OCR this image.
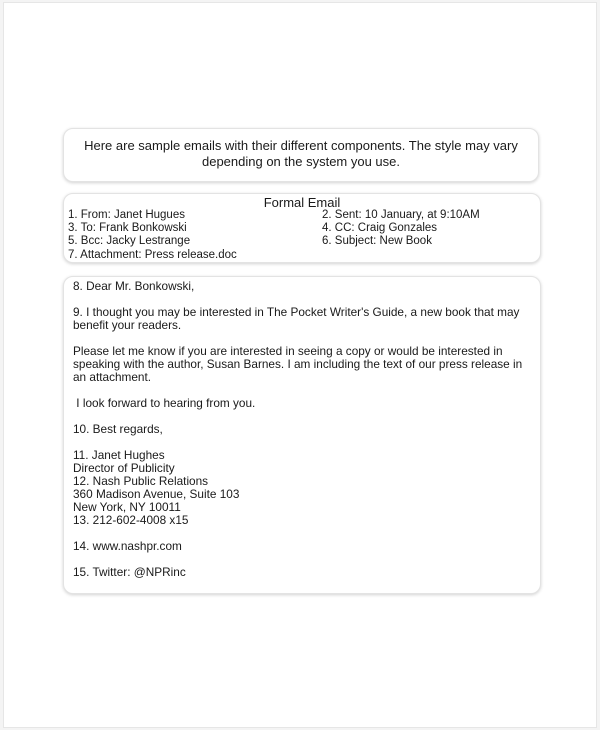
Here are sample emails with their different components. The style may vary depending on the system you use.
Formal Email
1. From: Janet Hugues	2. Sent: 10 January, at 9:10AM
3. To: Frank Bonkowski	4. CC: Craig Gonzales
5. Bcc: Jacky Lestrange	6. Subject: New Book
7. Attachment: Press release.doc
8. Dear Mr. Bonkowski,
9. I thought you may be interested in The Pocket Writer's Guide, a new book that may benefit your readers.
Please let me know if you are interested in seeing a copy or would be interested in speaking with the author, Susan Barnes. I am including the text of our press release in an attachment.
I look forward to hearing from you.
10. Best regards,
11. Janet Hughes
Director of Publicity
12. Nash Public Relations
360 Madison Avenue, Suite 103
New York, NY 10011
13. 212-602-4008 x15
14. www.nashpr.com
15. Twitter: @NPRinc
